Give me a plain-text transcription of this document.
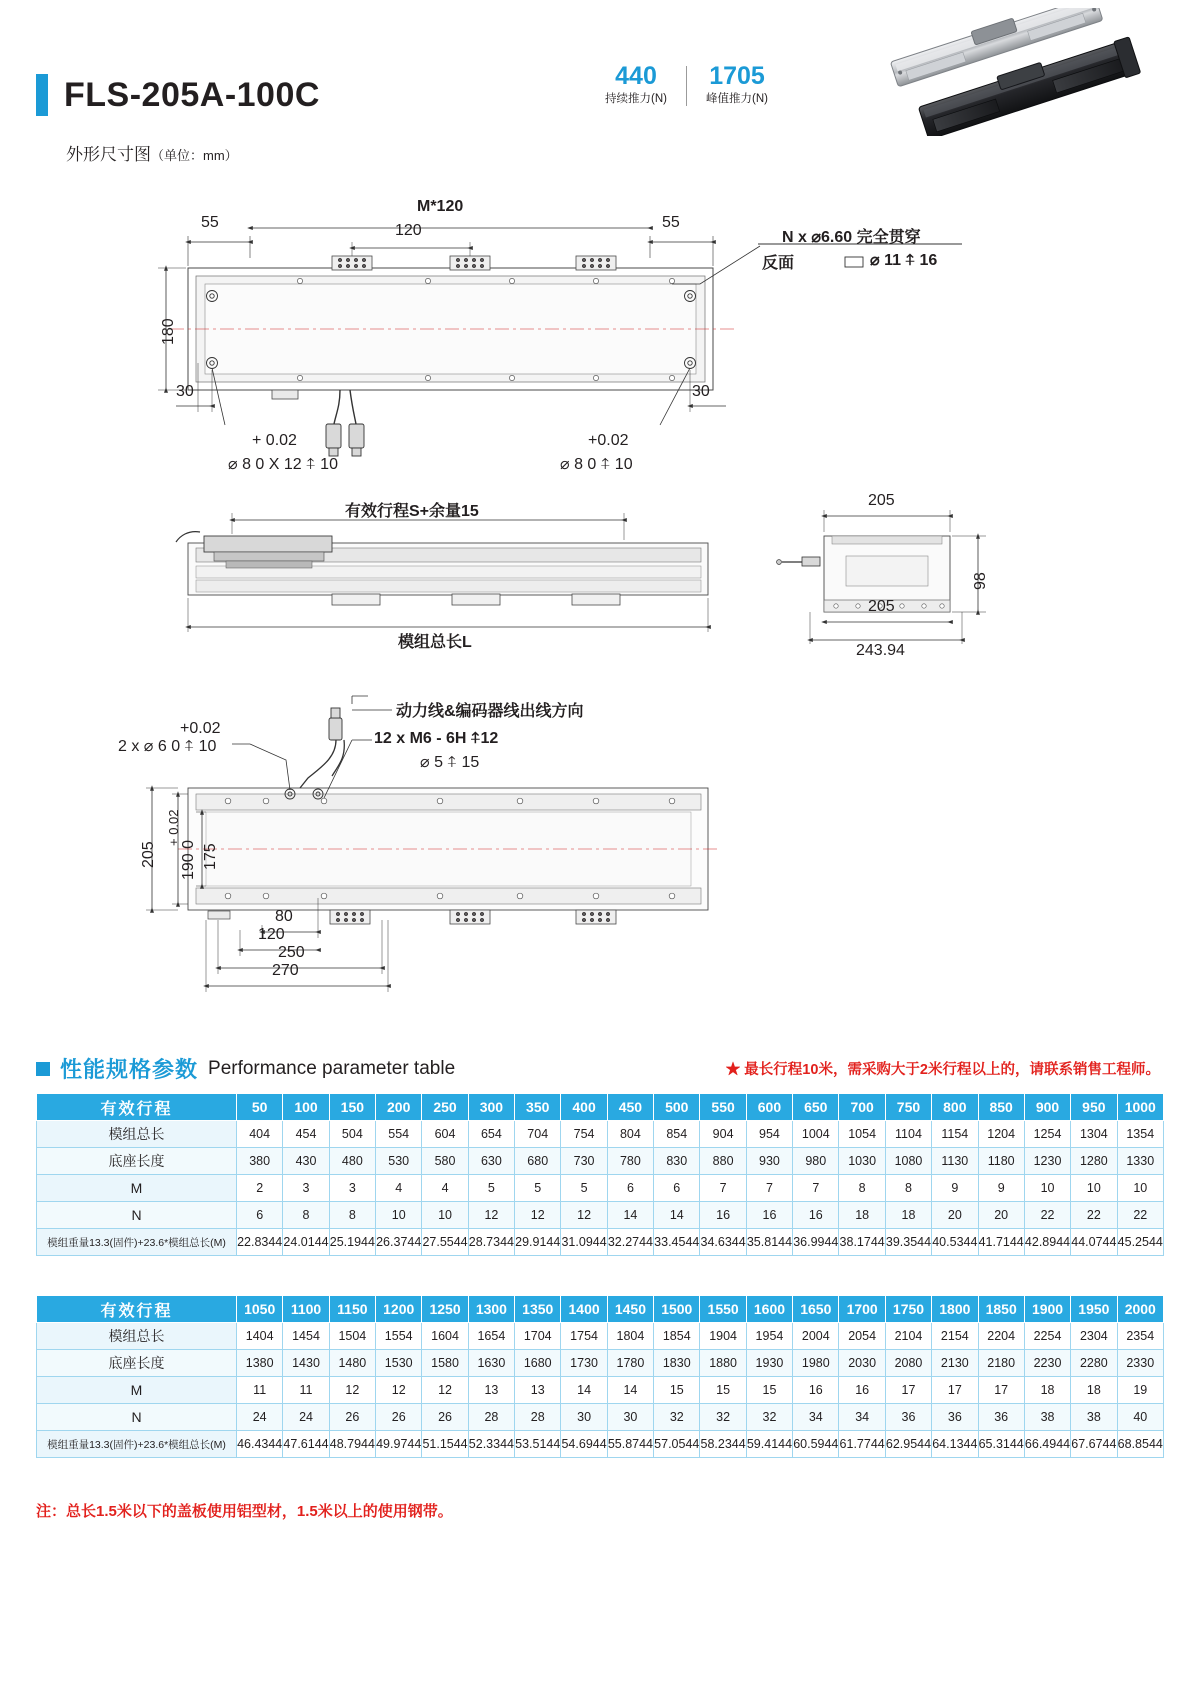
FLS-205A-100C	440
持续推力(N)
1705
峰值推力(N)
外形尺寸图（单位：mm）
55	55
M*120
120
180
30	30
N x ⌀6.60 完全贯穿
反面	⌀ 11 ⍏ 16
+ 0.02
⌀ 8 0 X 12 ⍏ 10
+0.02
⌀ 8 0 ⍏ 10
有效行程S+余量15
模组总长L
205
205
243.94
98
+0.02
2 x ⌀ 6 0 ⍏ 10
动力线&编码器线出线方向
12 x M6 - 6H ⍏12
⌀ 5 ⍏ 15
205
+ 0.02
190 0 175
80
120
250
270
性能规格参数 Performance parameter table	★ 最长行程10米，需采购大于2米行程以上的，请联系销售工程师。
有效行程	50	100	150	200	250	300	350	400	450	500	550	600	650	700	750	800	850	900	950	1000
模组总长	404	454	504	554	604	654	704	754	804	854	904	954	1004	1054	1104	1154	1204	1254	1304	1354
底座长度	380	430	480	530	580	630	680	730	780	830	880	930	980	1030	1080	1130	1180	1230	1280	1330
M	2	3	3	4	4	5	5	5	6	6	7	7	7	8	8	9	9	10	10	10
N	6	8	8	10	10	12	12	12	14	14	16	16	16	18	18	20	20	22	22	22
模组重量13.3(固件)+23.6*模组总长(M)	22.8344	24.0144	25.1944	26.3744	27.5544	28.7344	29.9144	31.0944	32.2744	33.4544	34.6344	35.8144	36.9944	38.1744	39.3544	40.5344	41.7144	42.8944	44.0744	45.2544
有效行程	1050	1100	1150	1200	1250	1300	1350	1400	1450	1500	1550	1600	1650	1700	1750	1800	1850	1900	1950	2000
模组总长	1404	1454	1504	1554	1604	1654	1704	1754	1804	1854	1904	1954	2004	2054	2104	2154	2204	2254	2304	2354
底座长度	1380	1430	1480	1530	1580	1630	1680	1730	1780	1830	1880	1930	1980	2030	2080	2130	2180	2230	2280	2330
M	11	11	12	12	12	13	13	14	14	15	15	15	16	16	17	17	17	18	18	19
N	24	24	26	26	26	28	28	30	30	32	32	32	34	34	36	36	36	38	38	40
模组重量13.3(固件)+23.6*模组总长(M)	46.4344	47.6144	48.7944	49.9744	51.1544	52.3344	53.5144	54.6944	55.8744	57.0544	58.2344	59.4144	60.5944	61.7744	62.9544	64.1344	65.3144	66.4944	67.6744	68.8544
注：总长1.5米以下的盖板使用铝型材，1.5米以上的使用钢带。
